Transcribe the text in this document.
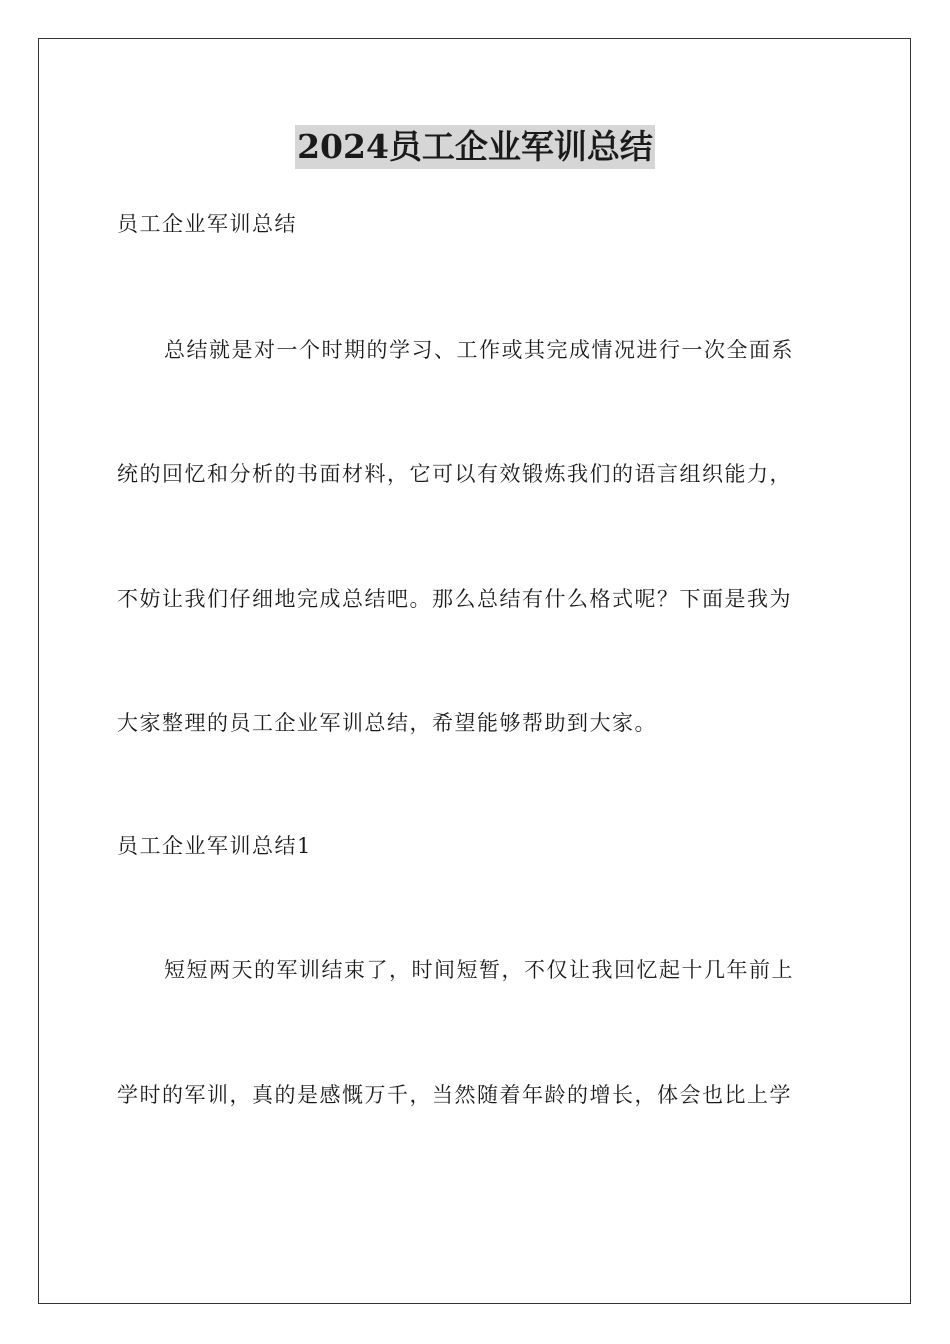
2024员工企业军训总结
员工企业军训总结
总结就是对一个时期的学习、工作或其完成情况进行一次全面系
统的回忆和分析的书面材料，它可以有效锻炼我们的语言组织能力，
不妨让我们仔细地完成总结吧。那么总结有什么格式呢？下面是我为
大家整理的员工企业军训总结，希望能够帮助到大家。
员工企业军训总结1
短短两天的军训结束了，时间短暂，不仅让我回忆起十几年前上
学时的军训，真的是感慨万千，当然随着年龄的增长，体会也比上学
